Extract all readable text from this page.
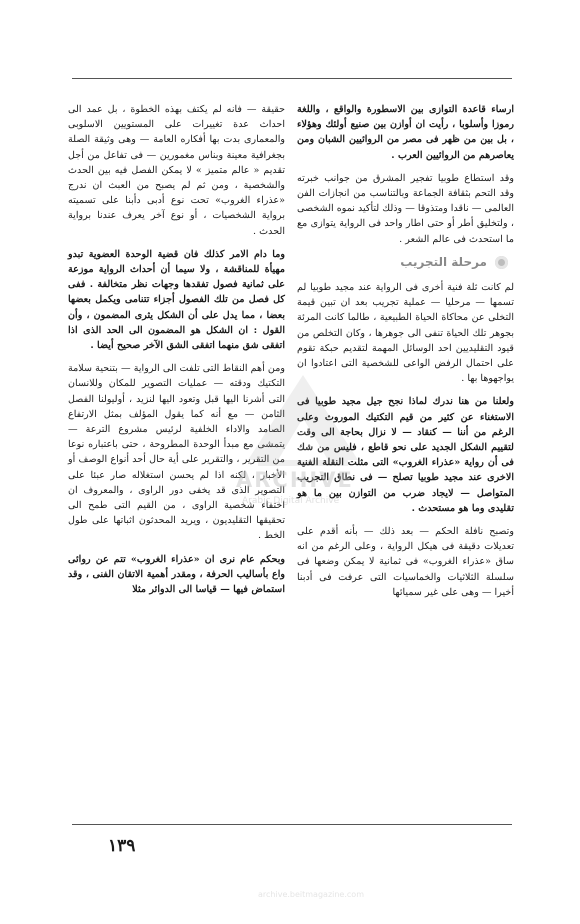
ارساء قاعدة التوازى بين الاسطورة والواقع ، واللغة رموزا وأسلوبا ، رأيت ان أوازن بين صنيع أولئك وهؤلاء ، بل بين من ظهر فى مصر من الروائيين الشبان ومن يعاصرهم من الروائيين العرب .

وقد استطاع طوبيا تفجير المشرق من جوانب خبرته وقد التحم بثقافة الجماعة وبالتناسب من انجازات الفن العالمى — ناقدا ومتذوقا — وذلك لتأكيد نموه الشخصى ، ولتخليق أطر أو حتى اطار واحد فى الرواية يتوازى مع ما استحدث فى عالم الشعر .

مرحلة التجريب

لم كانت ثلة فنية أخرى فى الرواية عند مجيد طوبيا لم تسمها — مرحليا — عملية تجريب بعد ان تبين قيمة التخلى عن محاكاة الحياة الطبيعية ، طالما كانت المرئة بجوهر تلك الحياة تنفى الى جوهرها ، وكان التخلص من قيود التقليديين احد الوسائل المهمة لتقديم حبكة تقوم على احتمال الرفض الواعى للشخصية التى اعتادوا ان يواجهوها بها .

ولعلنا من هنا ندرك لماذا نجح جيل مجيد طوبيا فى الاستغناء عن كثير من قيم التكتيك الموروث وعلى الرغم من أننا — كنقاد — لا نزال بحاجة الى وقت لتقييم الشكل الجديد على نحو قاطع ، فليس من شك فى أن رواية «عذراء الغروب» التى مثلت النقلة الفنية الاخرى عند مجيد طوبيا تصلح — فى نطاق التجريب المتواصل — لايجاد ضرب من التوازن بين ما هو تقليدى وما هو مستحدث .

وتصبح نافلة الحكم — بعد ذلك — بأنه أقدم على تعديلات دقيقة فى هيكل الرواية ، وعلى الرغم من انه ساق «عذراء الغروب» فى ثمانية لا يمكن وضعها فى سلسلة الثلاثيات والخماسيات التى عرفت فى أدبنا أخيرا — وهى على غير سميائها

حقيقة — فانه لم يكتف بهذه الخطوة ، بل عمد الى احداث عدة تغييرات على المستويين الاسلوبى والمعمارى بدت بها أفكاره العامة — وهى وثيقة الصلة بجغرافية معينة وبناس مغمورين — فى تفاعل من أجل تقديم « عالم متميز » لا يمكن الفصل فيه بين الحدث والشخصية ، ومن ثم لم يصبح من العبث ان ندرج «عذراء الغروب» تحت نوع أدبى دأبنا على تسميته برواية الشخصيات ، أو نوع آخر يعرف عندنا برواية الحدث .

وما دام الامر كذلك فان قضية الوحدة العضوية تبدو مهيأة للمناقشة ، ولا سيما أن أحداث الرواية موزعة على ثمانية فصول تفقدها وجهات نظر متخالفة . ففى كل فصل من تلك الفصول أجزاء تتنامى ويكمل بعضها بعضا ، مما يدل على أن الشكل يثرى المضمون ، وأن القول : ان الشكل هو المضمون الى الحد الذى اذا اتفقى شق منهما اتفقى الشق الآخر صحيح أيضا .

ومن أهم النقاط التى تلفت الى الرواية — بتنحية سلامة التكتيك ودقته — عمليات التصوير للمكان وللانسان التى أشرنا اليها قبل وتعود اليها لنزيد ، أوليولنا الفصل الثامن — مع أنه كما يقول المؤلف بمثل الارتفاع الصامد والاداء الخلفية لرئيس مشروع الترعة — يتمشى مع مبدأ الوحدة المطروحة ، حتى باعتباره نوعا من التقرير ، والتقرير على أية حال أحد أنواع الوصف أو الأخبار ، لكنه اذا لم يحسن استغلاله صار عبئا على التصوير الذى قد يخفى دور الراوى ، والمعروف ان اختفاء شخصية الراوى ، من القيم التى طمح الى تحقيقها التقليديون ، ويريد المحدثون اثباتها على طول الخط .

وبحكم عام نرى ان «عذراء الغروب» تتم عن روائى واع بأساليب الحرفة ، ومقدر أهمية الاتقان الفنى ، وقد استماض فيها — قياسا الى الدوائر مثلا

ARCHIVE
Arabic Digital Archive
١٣٩
archive.beitmagazine.com
